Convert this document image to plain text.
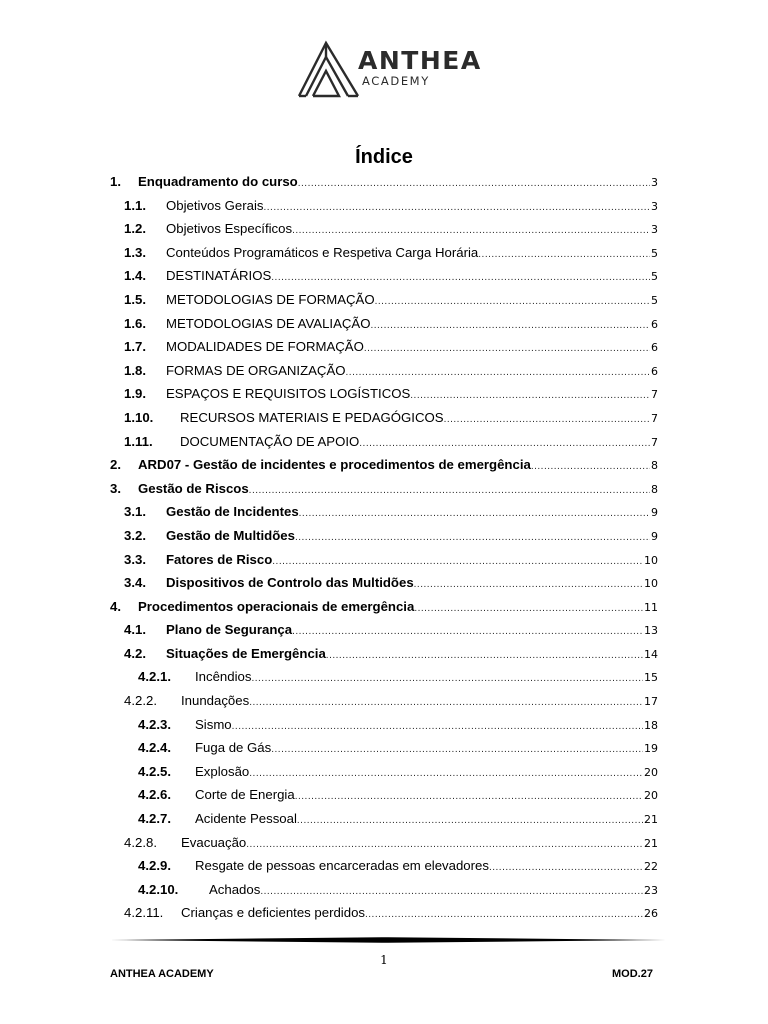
ANTHEA
ACADEMY
Índice
1.	Enquadramento do curso .....	3
1.1.	Objetivos Gerais .....	3
1.2.	Objetivos Específicos .....	3
1.3.	Conteúdos Programáticos e Respetiva Carga Horária .....	5
1.4.	DESTINATÁRIOS .....	5
1.5.	METODOLOGIAS DE FORMAÇÃO .....	5
1.6.	METODOLOGIAS DE AVALIAÇÃO .....	6
1.7.	MODALIDADES DE FORMAÇÃO .....	6
1.8.	FORMAS DE ORGANIZAÇÃO .....	6
1.9.	ESPAÇOS E REQUISITOS LOGÍSTICOS .....	7
1.10.	RECURSOS MATERIAIS E PEDAGÓGICOS .....	7
1.11.	DOCUMENTAÇÃO DE APOIO .....	7
2.	ARD07 - Gestão de incidentes e procedimentos de emergência .....	8
3.	Gestão de Riscos .....	8
3.1.	Gestão de Incidentes .....	9
3.2.	Gestão de Multidões .....	9
3.3.	Fatores de Risco .....	10
3.4.	Dispositivos de Controlo das Multidões .....	10
4.	Procedimentos operacionais de emergência .....	11
4.1.	Plano de Segurança .....	13
4.2.	Situações de Emergência .....	14
4.2.1.	Incêndios .....	15
4.2.2.	Inundações .....	17
4.2.3.	Sismo .....	18
4.2.4.	Fuga de Gás .....	19
4.2.5.	Explosão .....	20
4.2.6.	Corte de Energia .....	20
4.2.7.	Acidente Pessoal .....	21
4.2.8.	Evacuação .....	21
4.2.9.	Resgate de pessoas encarceradas em elevadores .....	22
4.2.10.	Achados .....	23
4.2.11.	Crianças e deficientes perdidos .....	26
1
ANTHEA ACADEMY	MOD.27
